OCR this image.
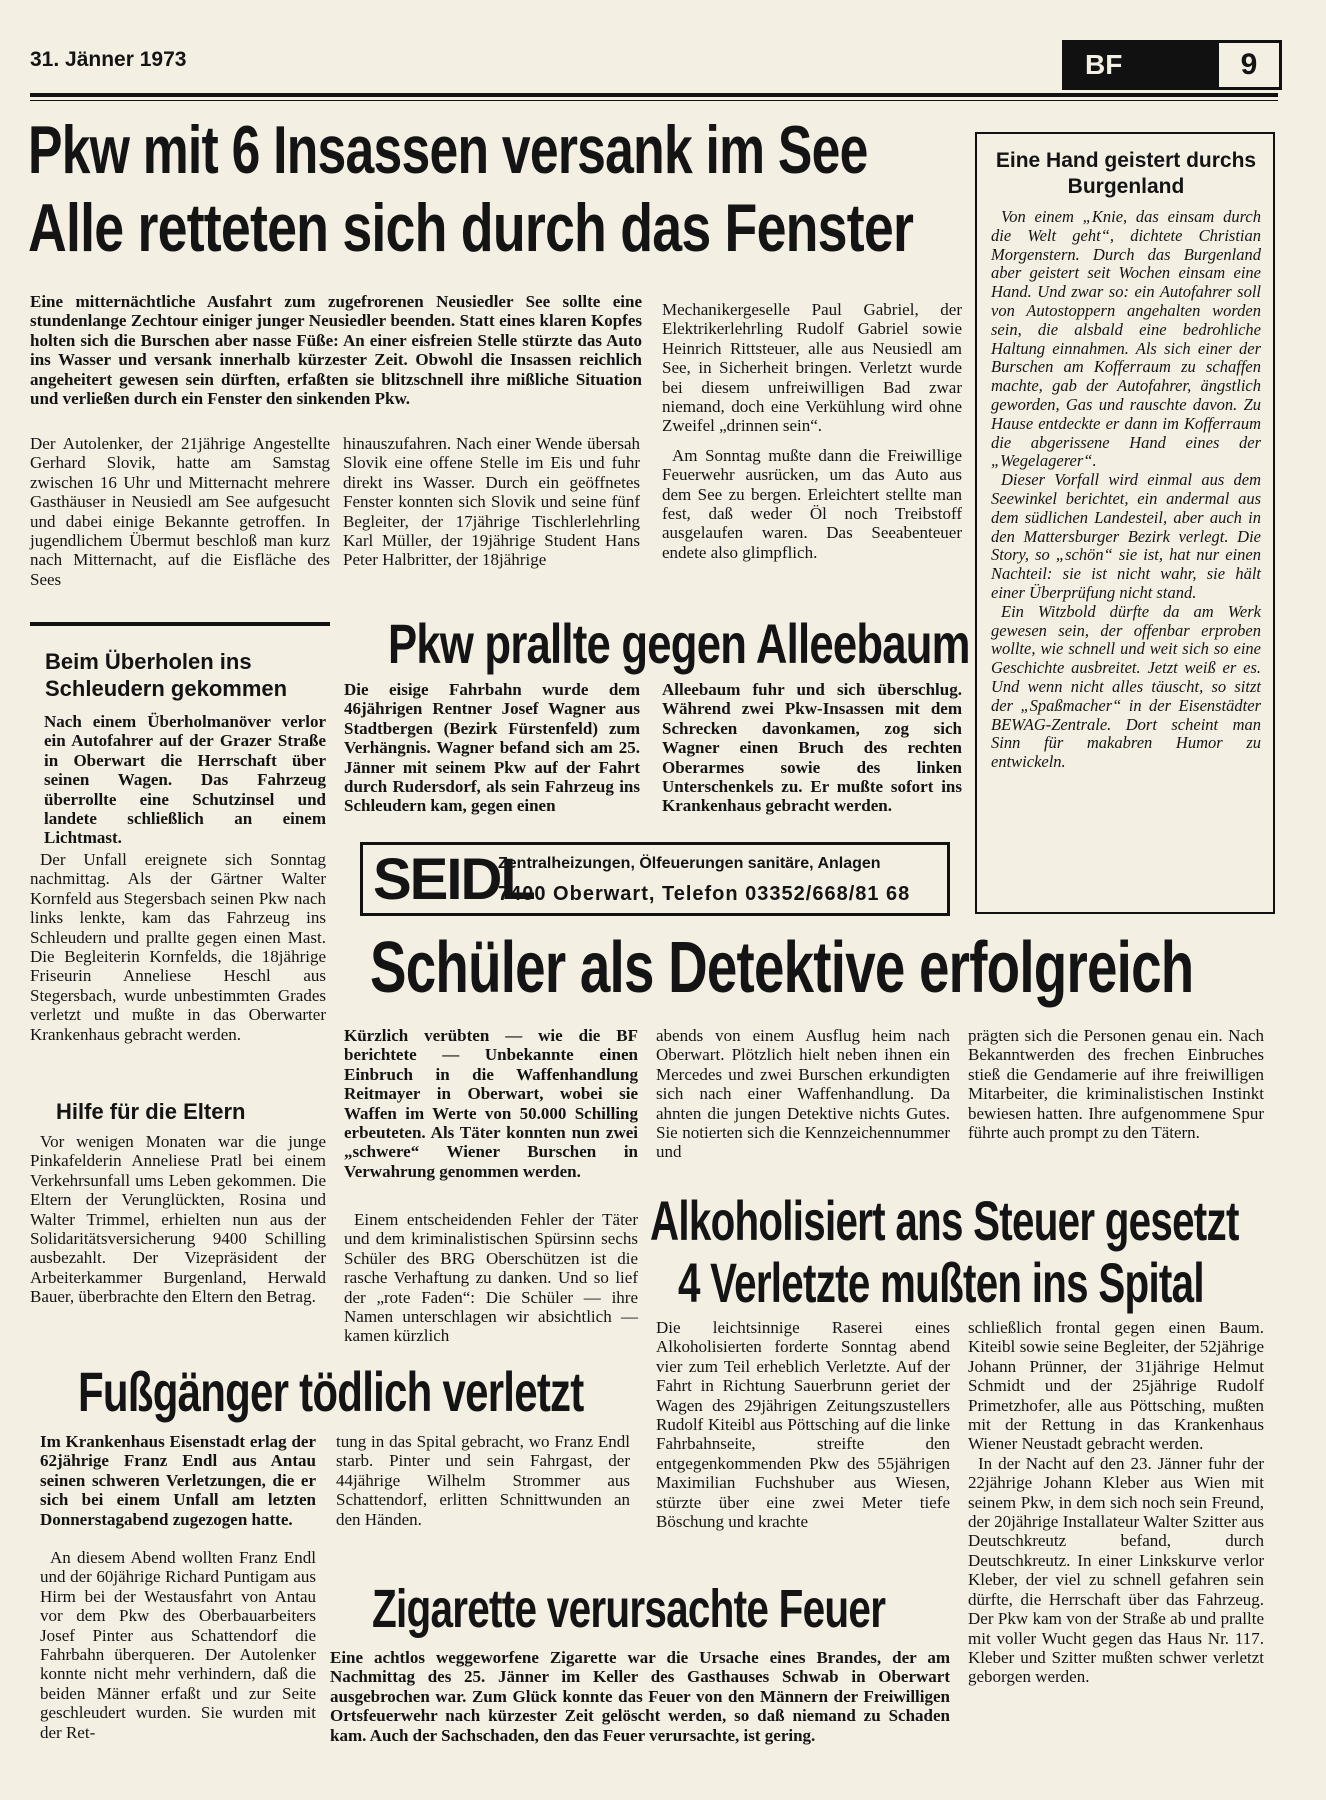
31. Jänner 1973	BF	9
Pkw mit 6 Insassen versank im See
Alle retteten sich durch das Fenster
Eine mitternächtliche Ausfahrt zum zugefrorenen Neusiedler See sollte eine stundenlange Zechtour einiger junger Neusiedler beenden. Statt eines klaren Kopfes holten sich die Burschen aber nasse Füße: An einer eisfreien Stelle stürzte das Auto ins Wasser und versank innerhalb kürzester Zeit. Obwohl die Insassen reichlich angeheitert gewesen sein dürften, erfaßten sie blitzschnell ihre mißliche Situation und verließen durch ein Fenster den sinkenden Pkw.
Der Autolenker, der 21jährige Angestellte Gerhard Slovik, hatte am Samstag zwischen 16 Uhr und Mitternacht mehrere Gasthäuser in Neusiedl am See aufgesucht und dabei einige Bekannte getroffen. In jugendlichem Übermut beschloß man kurz nach Mitternacht, auf die Eisfläche des Sees
hinauszufahren. Nach einer Wende übersah Slovik eine offene Stelle im Eis und fuhr direkt ins Wasser. Durch ein geöffnetes Fenster konnten sich Slovik und seine fünf Begleiter, der 17jährige Tischlerlehrling Karl Müller, der 19jährige Student Hans Peter Halbritter, der 18jährige

Mechanikergeselle Paul Gabriel, der Elektrikerlehrling Rudolf Gabriel sowie Heinrich Rittsteuer, alle aus Neusiedl am See, in Sicherheit bringen. Verletzt wurde bei diesem unfreiwilligen Bad zwar niemand, doch eine Verkühlung wird ohne Zweifel „drinnen sein“.

Am Sonntag mußte dann die Freiwillige Feuerwehr ausrücken, um das Auto aus dem See zu bergen. Erleichtert stellte man fest, daß weder Öl noch Treibstoff ausgelaufen waren. Das Seeabenteuer endete also glimpflich.

Eine Hand geistert durchs Burgenland

Von einem „Knie, das einsam durch die Welt geht“, dichtete Christian Morgenstern. Durch das Burgenland aber geistert seit Wochen einsam eine Hand. Und zwar so: ein Autofahrer soll von Autostoppern angehalten worden sein, die alsbald eine bedrohliche Haltung einnahmen. Als sich einer der Burschen am Kofferraum zu schaffen machte, gab der Autofahrer, ängstlich geworden, Gas und rauschte davon. Zu Hause entdeckte er dann im Kofferraum die abgerissene Hand eines der „Wegelagerer“.

Dieser Vorfall wird einmal aus dem Seewinkel berichtet, ein andermal aus dem südlichen Landesteil, aber auch in den Mattersburger Bezirk verlegt. Die Story, so „schön“ sie ist, hat nur einen Nachteil: sie ist nicht wahr, sie hält einer Überprüfung nicht stand.

Ein Witzbold dürfte da am Werk gewesen sein, der offenbar erproben wollte, wie schnell und weit sich so eine Geschichte ausbreitet. Jetzt weiß er es. Und wenn nicht alles täuscht, so sitzt der „Spaßmacher“ in der Eisenstädter BEWAG-Zentrale. Dort scheint man Sinn für makabren Humor zu entwickeln.

Beim Überholen ins Schleudern gekommen
Nach einem Überholmanöver verlor ein Autofahrer auf der Grazer Straße in Oberwart die Herrschaft über seinen Wagen. Das Fahrzeug überrollte eine Schutzinsel und landete schließlich an einem Lichtmast.

Der Unfall ereignete sich Sonntag nachmittag. Als der Gärtner Walter Kornfeld aus Stegersbach seinen Pkw nach links lenkte, kam das Fahrzeug ins Schleudern und prallte gegen einen Mast. Die Begleiterin Kornfelds, die 18jährige Friseurin Anneliese Heschl aus Stegersbach, wurde unbestimmten Grades verletzt und mußte in das Oberwarter Krankenhaus gebracht werden.

Hilfe für die Eltern

Vor wenigen Monaten war die junge Pinkafelderin Anneliese Pratl bei einem Verkehrsunfall ums Leben gekommen. Die Eltern der Verunglückten, Rosina und Walter Trimmel, erhielten nun aus der Solidaritätsversicherung 9400 Schilling ausbezahlt. Der Vizepräsident der Arbeiterkammer Burgenland, Herwald Bauer, überbrachte den Eltern den Betrag.

Pkw prallte gegen Alleebaum
Die eisige Fahrbahn wurde dem 46jährigen Rentner Josef Wagner aus Stadtbergen (Bezirk Fürstenfeld) zum Verhängnis. Wagner befand sich am 25. Jänner mit seinem Pkw auf der Fahrt durch Rudersdorf, als sein Fahrzeug ins Schleudern kam, gegen einen
Alleebaum fuhr und sich überschlug. Während zwei Pkw-Insassen mit dem Schrecken davonkamen, zog sich Wagner einen Bruch des rechten Oberarmes sowie des linken Unterschenkels zu. Er mußte sofort ins Krankenhaus gebracht werden.
SEIDL
Zentralheizungen, Ölfeuerungen sanitäre, Anlagen
7400 Oberwart, Telefon 03352/668/81 68
Schüler als Detektive erfolgreich
Kürzlich verübten — wie die BF berichtete — Unbekannte einen Einbruch in die Waffenhandlung Reitmayer in Oberwart, wobei sie Waffen im Werte von 50.000 Schilling erbeuteten. Als Täter konnten nun zwei „schwere“ Wiener Burschen in Verwahrung genommen werden.

Einem entscheidenden Fehler der Täter und dem kriminalistischen Spürsinn sechs Schüler des BRG Oberschützen ist die rasche Verhaftung zu danken. Und so lief der „rote Faden“: Die Schüler — ihre Namen unterschlagen wir absichtlich — kamen kürzlich

abends von einem Ausflug heim nach Oberwart. Plötzlich hielt neben ihnen ein Mercedes und zwei Burschen erkundigten sich nach einer Waffenhandlung. Da ahnten die jungen Detektive nichts Gutes. Sie notierten sich die Kennzeichennummer und
prägten sich die Personen genau ein. Nach Bekanntwerden des frechen Einbruches stieß die Gendamerie auf ihre freiwilligen Mitarbeiter, die kriminalistischen Instinkt bewiesen hatten. Ihre aufgenommene Spur führte auch prompt zu den Tätern.
Alkoholisiert ans Steuer gesetzt
4 Verletzte mußten ins Spital
Die leichtsinnige Raserei eines Alkoholisierten forderte Sonntag abend vier zum Teil erheblich Verletzte. Auf der Fahrt in Richtung Sauerbrunn geriet der Wagen des 29jährigen Zeitungszustellers Rudolf Kiteibl aus Pöttsching auf die linke Fahrbahnseite, streifte den entgegenkommenden Pkw des 55jährigen Maximilian Fuchshuber aus Wiesen, stürzte über eine zwei Meter tiefe Böschung und krachte

schließlich frontal gegen einen Baum. Kiteibl sowie seine Begleiter, der 52jährige Johann Prünner, der 31jährige Helmut Schmidt und der 25jährige Rudolf Primetzhofer, alle aus Pöttsching, mußten mit der Rettung in das Krankenhaus Wiener Neustadt gebracht werden.

In der Nacht auf den 23. Jänner fuhr der 22jährige Johann Kleber aus Wien mit seinem Pkw, in dem sich noch sein Freund, der 20jährige Installateur Walter Szitter aus Deutschkreutz befand, durch Deutschkreutz. In einer Linkskurve verlor Kleber, der viel zu schnell gefahren sein dürfte, die Herrschaft über das Fahrzeug. Der Pkw kam von der Straße ab und prallte mit voller Wucht gegen das Haus Nr. 117. Kleber und Szitter mußten schwer verletzt geborgen werden.

Fußgänger tödlich verletzt
Im Krankenhaus Eisenstadt erlag der 62jährige Franz Endl aus Antau seinen schweren Verletzungen, die er sich bei einem Unfall am letzten Donnerstagabend zugezogen hatte.

An diesem Abend wollten Franz Endl und der 60jährige Richard Puntigam aus Hirm bei der Westausfahrt von Antau vor dem Pkw des Oberbauarbeiters Josef Pinter aus Schattendorf die Fahrbahn überqueren. Der Autolenker konnte nicht mehr verhindern, daß die beiden Männer erfaßt und zur Seite geschleudert wurden. Sie wurden mit der Ret-

tung in das Spital gebracht, wo Franz Endl starb. Pinter und sein Fahrgast, der 44jährige Wilhelm Strommer aus Schattendorf, erlitten Schnittwunden an den Händen.
Zigarette verursachte Feuer
Eine achtlos weggeworfene Zigarette war die Ursache eines Brandes, der am Nachmittag des 25. Jänner im Keller des Gasthauses Schwab in Oberwart ausgebrochen war. Zum Glück konnte das Feuer von den Männern der Freiwilligen Ortsfeuerwehr nach kürzester Zeit gelöscht werden, so daß niemand zu Schaden kam. Auch der Sachschaden, den das Feuer verursachte, ist gering.
